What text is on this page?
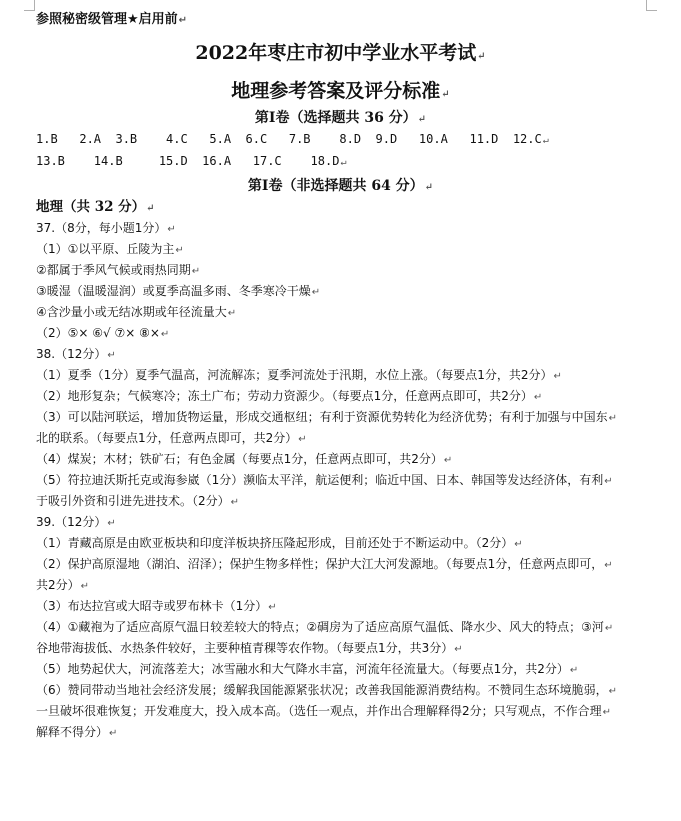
参照秘密级管理★启用前↵
2022年枣庄市初中学业水平考试↵
地理参考答案及评分标准↵
第Ⅰ卷（选择题共 36 分）↵
1.B   2.A  3.B    4.C   5.A  6.C   7.B    8.D  9.D   10.A   11.D  12.C↵
13.B    14.B     15.D  16.A   17.C    18.D↵
第Ⅰ卷（非选择题共 64 分）↵
地理（共 32 分）↵
37.（8分，每小题1分）↵
（1）①以平原、丘陵为主↵
②都属于季风气候或雨热同期↵
③暖湿（温暖湿润）或夏季高温多雨、冬季寒冷干燥↵
④含沙量小或无结冰期或年径流量大↵
（2）⑤× ⑥√ ⑦× ⑧×↵
38.（12分）↵
（1）夏季（1分）夏季气温高，河流解冻；夏季河流处于汛期，水位上涨。（每要点1分，共2分）↵
（2）地形复杂；气候寒冷；冻土广布；劳动力资源少。（每要点1分，任意两点即可，共2分）↵
（3）可以陆河联运，增加货物运量，形成交通枢纽；有利于资源优势转化为经济优势；有利于加强与中国东↵
北的联系。（每要点1分，任意两点即可，共2分）↵
（4）煤炭；木材；铁矿石；有色金属（每要点1分，任意两点即可，共2分）↵
（5）符拉迪沃斯托克或海参崴（1分）濒临太平洋，航运便利；临近中国、日本、韩国等发达经济体，有利↵
于吸引外资和引进先进技术。（2分）↵
39.（12分）↵
（1）青藏高原是由欧亚板块和印度洋板块挤压隆起形成，目前还处于不断运动中。（2分）↵
（2）保护高原湿地（湖泊、沼泽）；保护生物多样性；保护大江大河发源地。（每要点1分，任意两点即可，↵
共2分）↵
（3）布达拉宫或大昭寺或罗布林卡（1分）↵
（4）①藏袍为了适应高原气温日较差较大的特点；②碉房为了适应高原气温低、降水少、风大的特点；③河↵
谷地带海拔低、水热条件较好，主要种植青稞等农作物。（每要点1分，共3分）↵
（5）地势起伏大，河流落差大；冰雪融水和大气降水丰富，河流年径流量大。（每要点1分，共2分）↵
（6）赞同带动当地社会经济发展；缓解我国能源紧张状况；改善我国能源消费结构。不赞同生态环境脆弱，↵
一旦破坏很难恢复；开发难度大，投入成本高。（选任一观点，并作出合理解释得2分；只写观点，不作合理↵
解释不得分）↵
